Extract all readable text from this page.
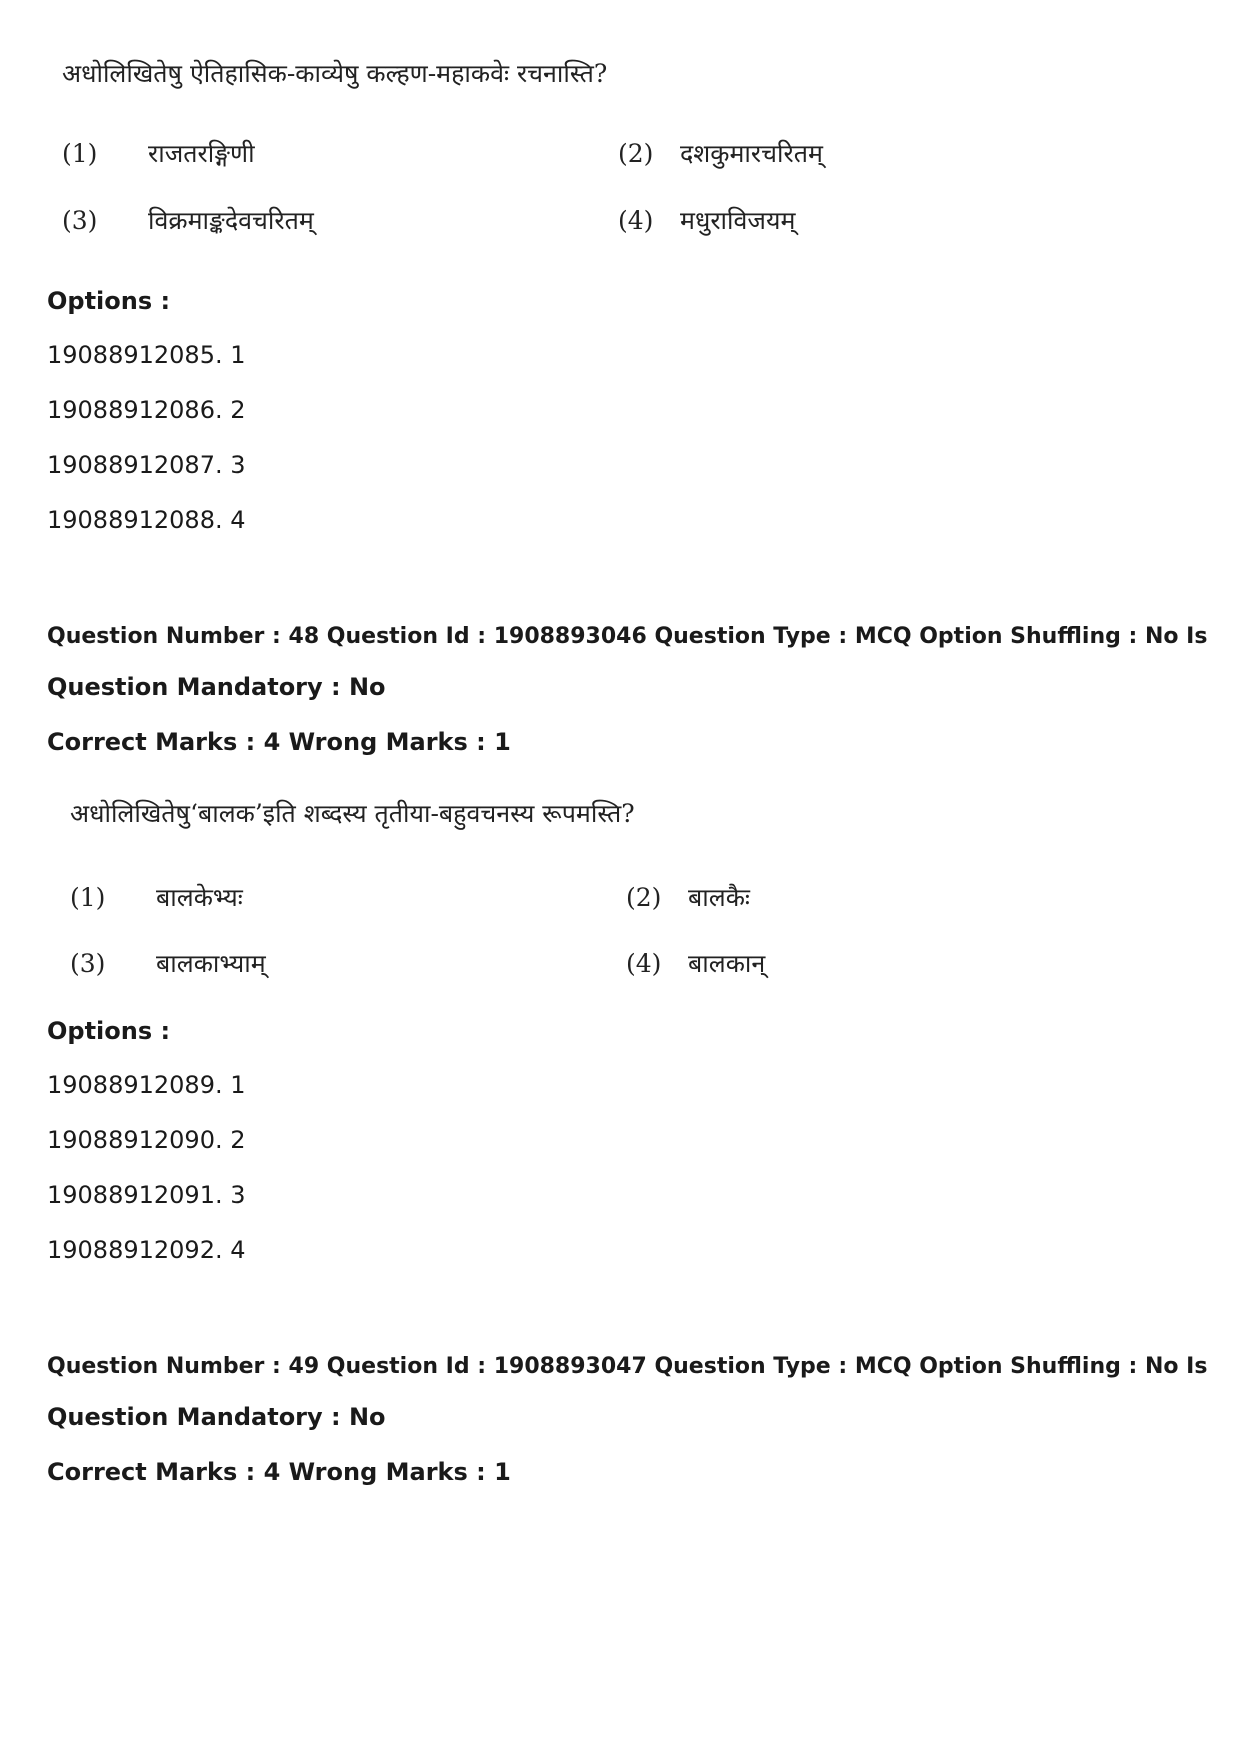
अधोलिखितेषु ऐतिहासिक-काव्येषु कल्हण-महाकवेः रचनास्ति?
(1) राजतरङ्गिणी	(2) दशकुमारचरितम्
(3) विक्रमाङ्कदेवचरितम्	(4) मधुराविजयम्
Options :
19088912085. 1
19088912086. 2
19088912087. 3
19088912088. 4
Question Number : 48 Question Id : 1908893046 Question Type : MCQ Option Shuffling : No Is
Question Mandatory : No
Correct Marks : 4 Wrong Marks : 1
अधोलिखितेषु‘बालक’इति शब्दस्य तृतीया-बहुवचनस्य रूपमस्ति?
(1) बालकेभ्यः	(2) बालकैः
(3) बालकाभ्याम्	(4) बालकान्
Options :
19088912089. 1
19088912090. 2
19088912091. 3
19088912092. 4
Question Number : 49 Question Id : 1908893047 Question Type : MCQ Option Shuffling : No Is
Question Mandatory : No
Correct Marks : 4 Wrong Marks : 1
